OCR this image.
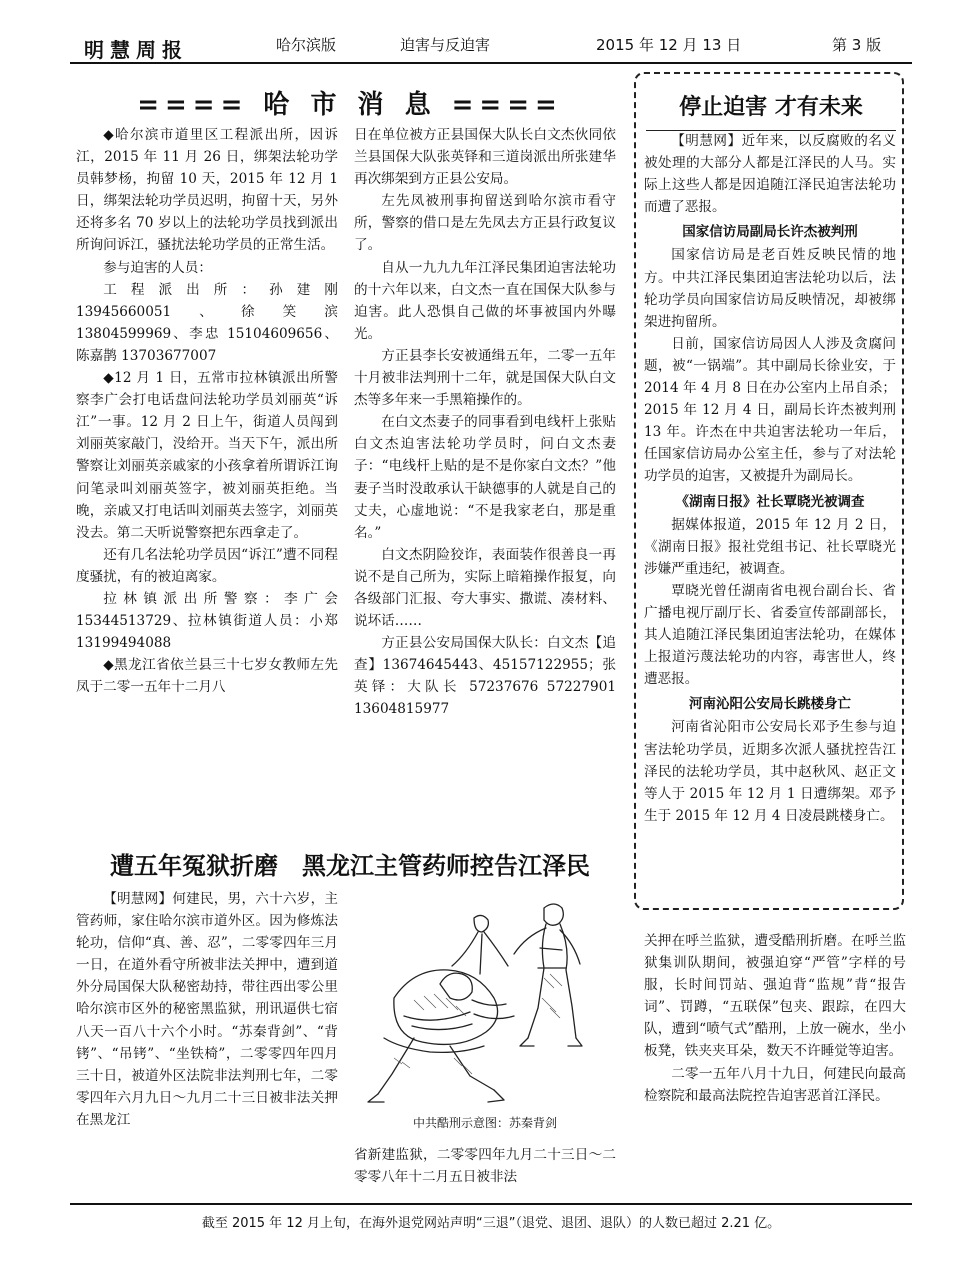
明慧周报	哈尔滨版	迫害与反迫害	2015 年 12 月 13 日	第 3 版
==== 哈 市 消 息 ====

◆哈尔滨市道里区工程派出所，因诉江，2015 年 11 月 26 日，绑架法轮功学员韩梦杨，拘留 10 天，2015 年 12 月 1 日，绑架法轮功学员迟明，拘留十天，另外还将多名 70 岁以上的法轮功学员找到派出所询问诉江，骚扰法轮功学员的正常生活。

参与迫害的人员：

工程派出所：孙建刚 13945660051、徐笑滨 13804599969、李忠 15104609656、陈嘉鹊 13703677007

◆12 月 1 日，五常市拉林镇派出所警察李广会打电话盘问法轮功学员刘丽英“诉江”一事。12 月 2 日上午，街道人员闯到刘丽英家敲门，没给开。当天下午，派出所警察让刘丽英亲戚家的小孩拿着所谓诉江询问笔录叫刘丽英签字，被刘丽英拒绝。当晚，亲戚又打电话叫刘丽英去签字，刘丽英没去。第二天听说警察把东西拿走了。

还有几名法轮功学员因“诉江”遭不同程度骚扰，有的被迫离家。

拉林镇派出所警察：李广会 15344513729、拉林镇街道人员：小郑 13199494088

◆黑龙江省依兰县三十七岁女教师左先凤于二零一五年十二月八

日在单位被方正县国保大队长白文杰伙同依兰县国保大队张英铎和三道岗派出所张建华再次绑架到方正县公安局。

左先凤被刑事拘留送到哈尔滨市看守所，警察的借口是左先凤去方正县行政复议了。

自从一九九九年江泽民集团迫害法轮功的十六年以来，白文杰一直在国保大队参与迫害。此人恐惧自己做的坏事被国内外曝光。

方正县李长安被通缉五年，二零一五年十月被非法判刑十二年，就是国保大队白文杰等多年来一手黑箱操作的。

在白文杰妻子的同事看到电线杆上张贴白文杰迫害法轮功学员时，问白文杰妻子：“电线杆上贴的是不是你家白文杰？”他妻子当时没敢承认干缺德事的人就是自己的丈夫，心虚地说：“不是我家老白，那是重名。”

白文杰阴险狡诈，表面装作很善良一再说不是自己所为，实际上暗箱操作报复，向各级部门汇报、夸大事实、撒谎、凑材料、说坏话……

方正县公安局国保大队长：白文杰【追查】13674645443、45157122955；张英铎：大队长 57237676 57227901 13604815977

停止迫害 才有未来

【明慧网】近年来，以反腐败的名义被处理的大部分人都是江泽民的人马。实际上这些人都是因追随江泽民迫害法轮功而遭了恶报。

国家信访局副局长许杰被判刑

国家信访局是老百姓反映民情的地方。中共江泽民集团迫害法轮功以后，法轮功学员向国家信访局反映情况，却被绑架进拘留所。

日前，国家信访局因人人涉及贪腐问题，被“一锅端”。其中副局长徐业安，于 2014 年 4 月 8 日在办公室内上吊自杀；2015 年 12 月 4 日，副局长许杰被判刑 13 年。许杰在中共迫害法轮功一年后，任国家信访局办公室主任，参与了对法轮功学员的迫害，又被提升为副局长。

《湖南日报》社长覃晓光被调查

据媒体报道，2015 年 12 月 2 日，《湖南日报》报社党组书记、社长覃晓光涉嫌严重违纪，被调查。

覃晓光曾任湖南省电视台副台长、省广播电视厅副厅长、省委宣传部副部长，其人追随江泽民集团迫害法轮功，在媒体上报道污蔑法轮功的内容，毒害世人，终遭恶报。

河南沁阳公安局长跳楼身亡

河南省沁阳市公安局长邓予生参与迫害法轮功学员，近期多次派人骚扰控告江泽民的法轮功学员，其中赵秋风、赵正文等人于 2015 年 12 月 1 日遭绑架。邓予生于 2015 年 12 月 4 日凌晨跳楼身亡。

遭五年冤狱折磨　黑龙江主管药师控告江泽民

【明慧网】何建民，男，六十六岁，主管药师，家住哈尔滨市道外区。因为修炼法轮功，信仰“真、善、忍”，二零零四年三月一日，在道外看守所被非法关押中，遭到道外分局国保大队秘密劫持，带往西出零公里哈尔滨市区外的秘密黑监狱，刑讯逼供七宿八天一百八十六个小时。“苏秦背剑”、“背铐”、“吊铐”、“坐铁椅”，二零零四年四月三十日，被道外区法院非法判刑七年，二零零四年六月九日～九月二十三日被非法关押在黑龙江	中共酷刑示意图：苏秦背剑

省新建监狱，二零零四年九月二十三日～二零零八年十二月五日被非法

关押在呼兰监狱，遭受酷刑折磨。在呼兰监狱集训队期间，被强迫穿“严管”字样的号服，长时间罚站、强迫背“监规”背“报告词”、罚蹲，“五联保”包夹、跟踪，在四大队，遭到“喷气式”酷刑，上放一碗水，坐小板凳，铁夹夹耳朵，数天不许睡觉等迫害。

二零一五年八月十九日，何建民向最高检察院和最高法院控告迫害恶首江泽民。

截至 2015 年 12 月上旬，在海外退党网站声明“三退”（退党、退团、退队）的人数已超过 2.21 亿。
